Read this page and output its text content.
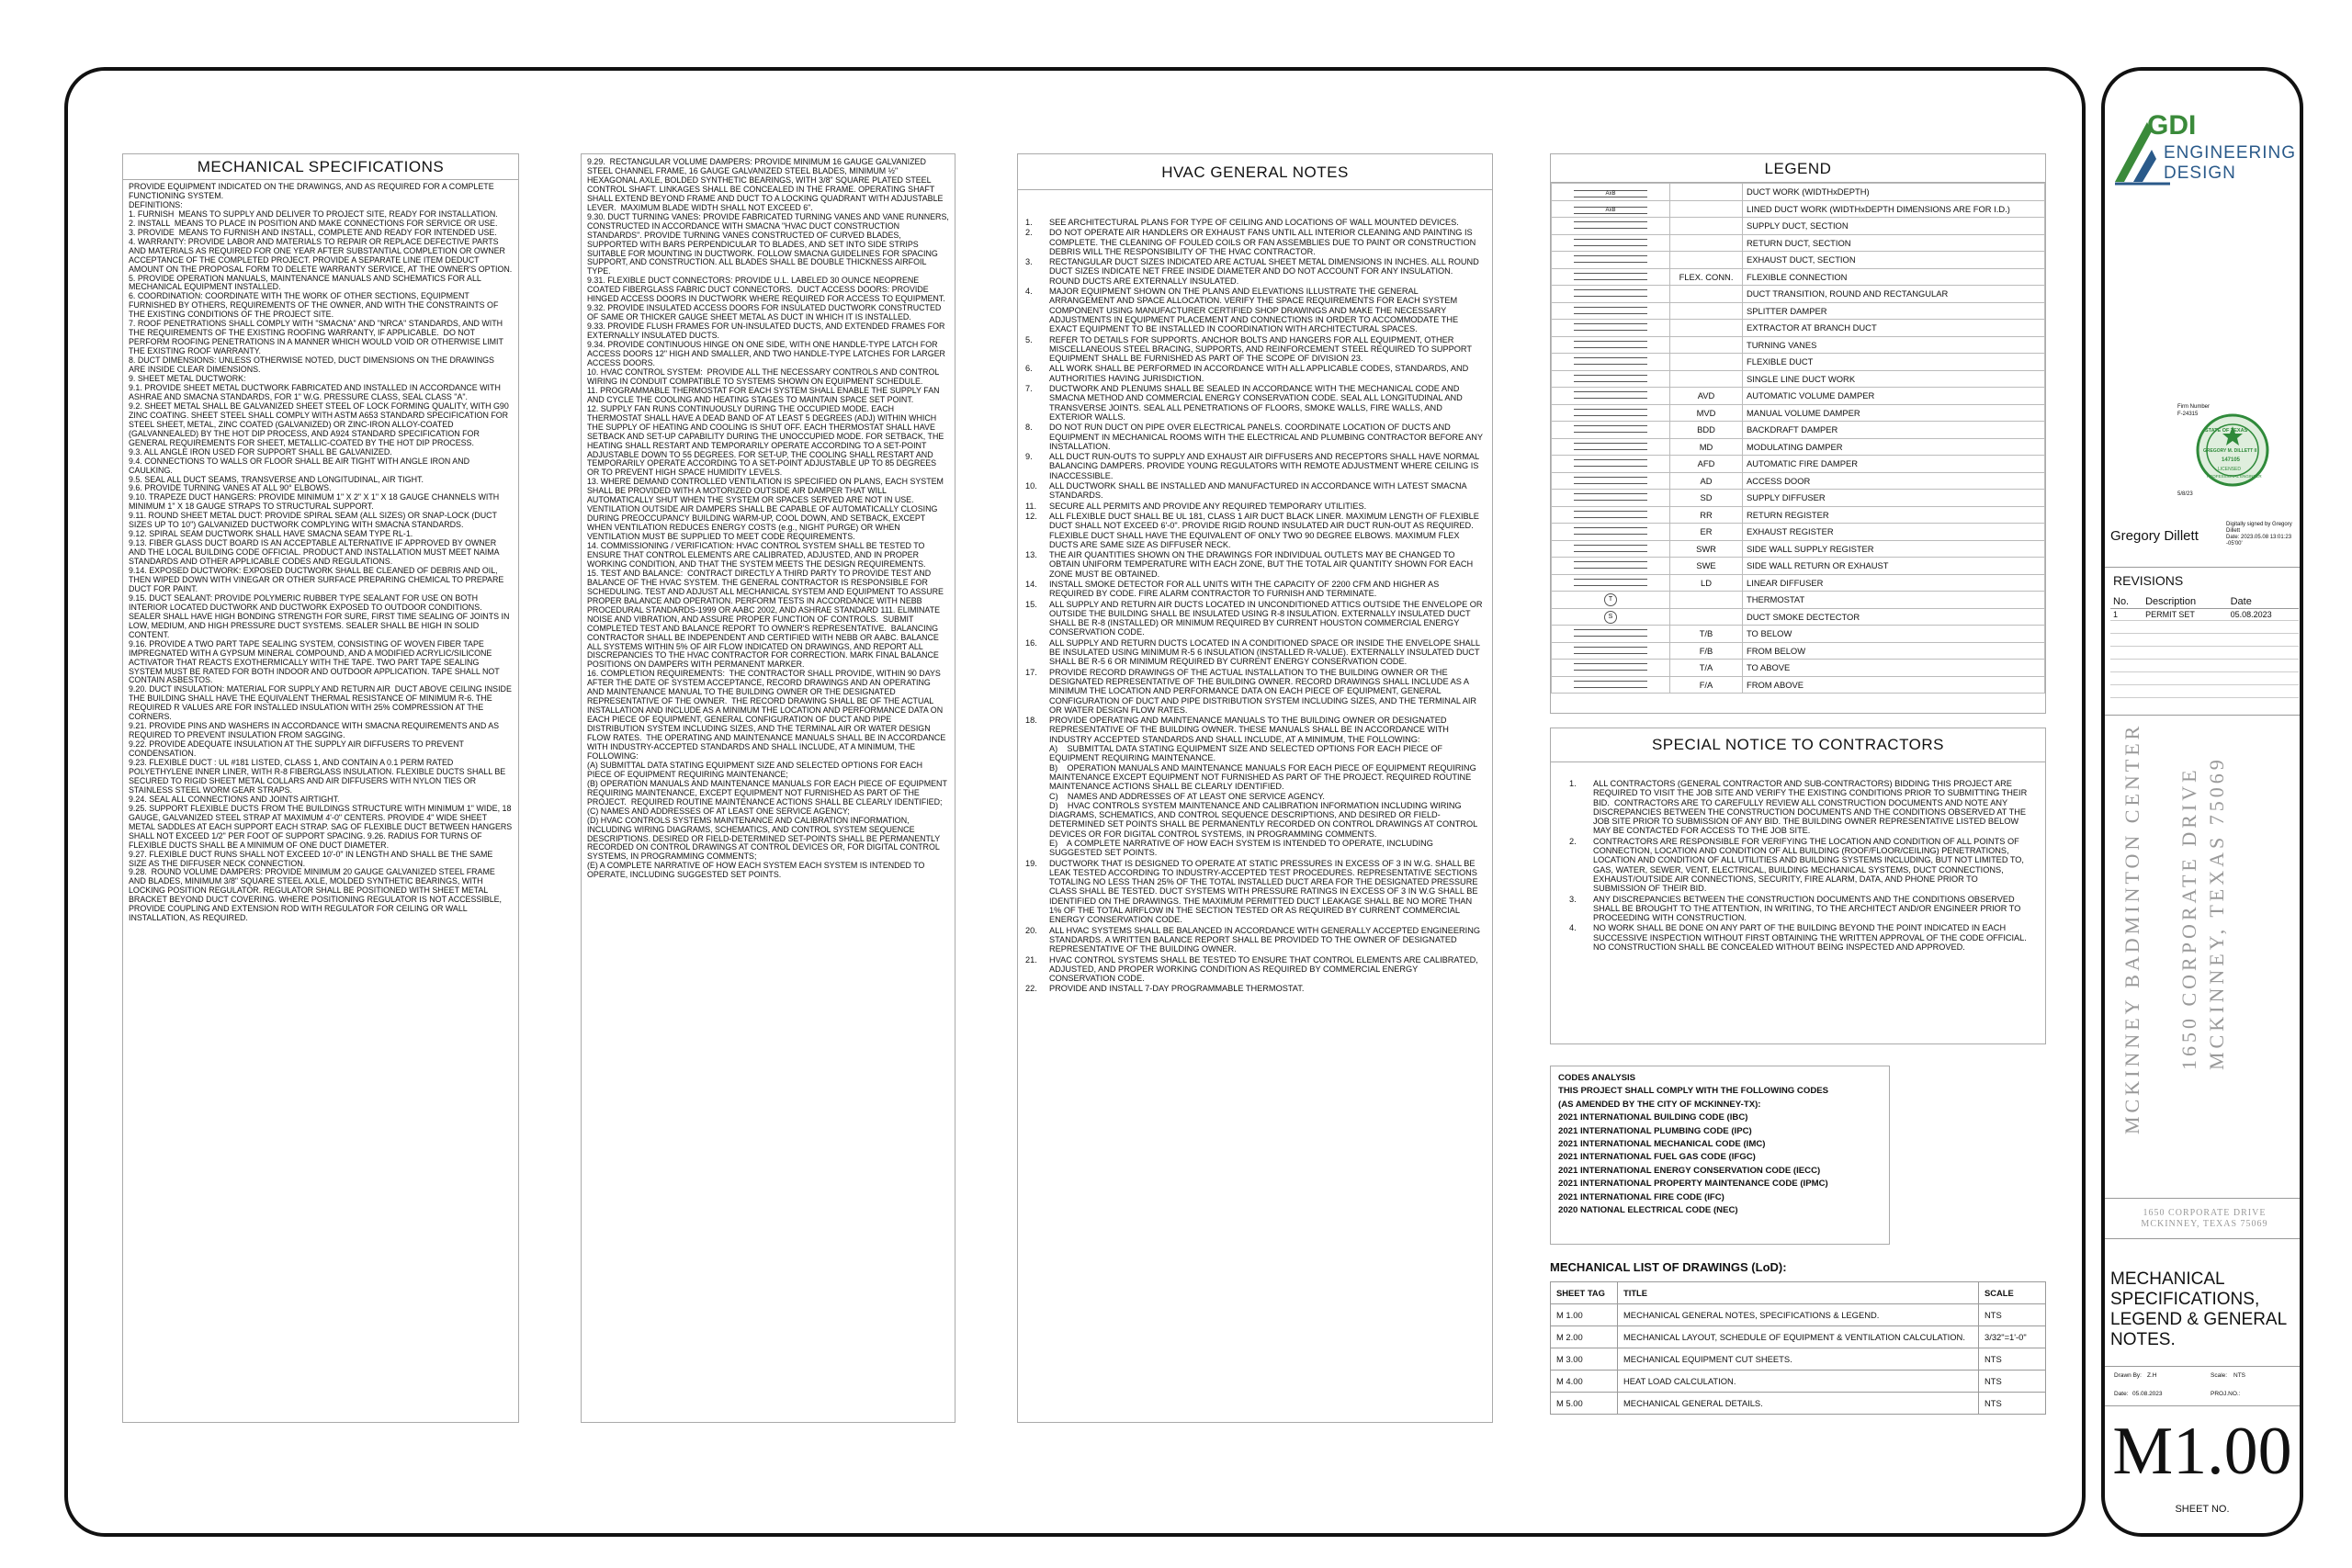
MECHANICAL SPECIFICATIONS
PROVIDE EQUIPMENT INDICATED ON THE DRAWINGS, AND AS REQUIRED FOR A COMPLETE FUNCTIONING SYSTEM.
DEFINITIONS:
1. FURNISH  MEANS TO SUPPLY AND DELIVER TO PROJECT SITE, READY FOR INSTALLATION.
2. INSTALL  MEANS TO PLACE IN POSITION AND MAKE CONNECTIONS FOR SERVICE OR USE.
3. PROVIDE  MEANS TO FURNISH AND INSTALL, COMPLETE AND READY FOR INTENDED USE.
4. WARRANTY: PROVIDE LABOR AND MATERIALS TO REPAIR OR REPLACE DEFECTIVE PARTS AND MATERIALS AS REQUIRED FOR ONE YEAR AFTER SUBSTANTIAL COMPLETION OR OWNER ACCEPTANCE OF THE COMPLETED PROJECT. PROVIDE A SEPARATE LINE ITEM DEDUCT AMOUNT ON THE PROPOSAL FORM TO DELETE WARRANTY SERVICE, AT THE OWNER'S OPTION.
5. PROVIDE OPERATION MANUALS, MAINTENANCE MANUALS AND SCHEMATICS FOR ALL MECHANICAL EQUIPMENT INSTALLED.
6. COORDINATION: COORDINATE WITH THE WORK OF OTHER SECTIONS, EQUIPMENT FURNISHED BY OTHERS, REQUIREMENTS OF THE OWNER, AND WITH THE CONSTRAINTS OF THE EXISTING CONDITIONS OF THE PROJECT SITE.
7. ROOF PENETRATIONS SHALL COMPLY WITH "SMACNA" AND "NRCA" STANDARDS, AND WITH THE REQUIREMENTS OF THE EXISTING ROOFING WARRANTY, IF APPLICABLE.  DO NOT PERFORM ROOFING PENETRATIONS IN A MANNER WHICH WOULD VOID OR OTHERWISE LIMIT THE EXISTING ROOF WARRANTY.
8. DUCT DIMENSIONS: UNLESS OTHERWISE NOTED, DUCT DIMENSIONS ON THE DRAWINGS ARE INSIDE CLEAR DIMENSIONS.
9. SHEET METAL DUCTWORK:
9.1. PROVIDE SHEET METAL DUCTWORK FABRICATED AND INSTALLED IN ACCORDANCE WITH ASHRAE AND SMACNA STANDARDS, FOR 1" W.G. PRESSURE CLASS, SEAL CLASS "A".
9.2. SHEET METAL SHALL BE GALVANIZED SHEET STEEL OF LOCK FORMING QUALITY, WITH G90 ZINC COATING. SHEET STEEL SHALL COMPLY WITH ASTM A653 STANDARD SPECIFICATION FOR STEEL SHEET, METAL, ZINC COATED (GALVANIZED) OR ZINC-IRON ALLOY-COATED (GALVANNEALED) BY THE HOT DIP PROCESS, AND A924 STANDARD SPECIFICATION FOR GENERAL REQUIREMENTS FOR SHEET, METALLIC-COATED BY THE HOT DIP PROCESS.
9.3. ALL ANGLE IRON USED FOR SUPPORT SHALL BE GALVANIZED.
9.4. CONNECTIONS TO WALLS OR FLOOR SHALL BE AIR TIGHT WITH ANGLE IRON AND CAULKING.
9.5. SEAL ALL DUCT SEAMS, TRANSVERSE AND LONGITUDINAL, AIR TIGHT.
9.6. PROVIDE TURNING VANES AT ALL 90° ELBOWS.
9.10. TRAPEZE DUCT HANGERS: PROVIDE MINIMUM 1" X 2" X 1" X 18 GAUGE CHANNELS WITH MINIMUM 1" X 18 GAUGE STRAPS TO STRUCTURAL SUPPORT.
9.11. ROUND SHEET METAL DUCT: PROVIDE SPIRAL SEAM (ALL SIZES) OR SNAP-LOCK (DUCT SIZES UP TO 10") GALVANIZED DUCTWORK COMPLYING WITH SMACNA STANDARDS.
9.12. SPIRAL SEAM DUCTWORK SHALL HAVE SMACNA SEAM TYPE RL-1.
9.13. FIBER GLASS DUCT BOARD IS AN ACCEPTABLE ALTERNATIVE IF APPROVED BY OWNER AND THE LOCAL BUILDING CODE OFFICIAL. PRODUCT AND INSTALLATION MUST MEET NAIMA STANDARDS AND OTHER APPLICABLE CODES AND REGULATIONS.
9.14. EXPOSED DUCTWORK: EXPOSED DUCTWORK SHALL BE CLEANED OF DEBRIS AND OIL, THEN WIPED DOWN WITH VINEGAR OR OTHER SURFACE PREPARING CHEMICAL TO PREPARE DUCT FOR PAINT.
9.15. DUCT SEALANT: PROVIDE POLYMERIC RUBBER TYPE SEALANT FOR USE ON BOTH INTERIOR LOCATED DUCTWORK AND DUCTWORK EXPOSED TO OUTDOOR CONDITIONS.  SEALER SHALL HAVE HIGH BONDING STRENGTH FOR SURE, FIRST TIME SEALING OF JOINTS IN LOW, MEDIUM, AND HIGH PRESSURE DUCT SYSTEMS. SEALER SHALL BE HIGH IN SOLID CONTENT.
9.16. PROVIDE A TWO PART TAPE SEALING SYSTEM, CONSISTING OF WOVEN FIBER TAPE IMPREGNATED WITH A GYPSUM MINERAL COMPOUND, AND A MODIFIED ACRYLIC/SILICONE ACTIVATOR THAT REACTS EXOTHERMICALLY WITH THE TAPE. TWO PART TAPE SEALING SYSTEM MUST BE RATED FOR BOTH INDOOR AND OUTDOOR APPLICATION. TAPE SHALL NOT CONTAIN ASBESTOS.
9.20. DUCT INSULATION: MATERIAL FOR SUPPLY AND RETURN AIR  DUCT ABOVE CEILING INSIDE THE BUILDING SHALL HAVE THE EQUIVALENT THERMAL RESISTANCE OF MINIMUM R-6. THE REQUIRED R VALUES ARE FOR INSTALLED INSULATION WITH 25% COMPRESSION AT THE CORNERS.
9.21. PROVIDE PINS AND WASHERS IN ACCORDANCE WITH SMACNA REQUIREMENTS AND AS REQUIRED TO PREVENT INSULATION FROM SAGGING.
9.22. PROVIDE ADEQUATE INSULATION AT THE SUPPLY AIR DIFFUSERS TO PREVENT CONDENSATION.
9.23. FLEXIBLE DUCT : UL #181 LISTED, CLASS 1, AND CONTAIN A 0.1 PERM RATED POLYETHYLENE INNER LINER, WITH R-8 FIBERGLASS INSULATION. FLEXIBLE DUCTS SHALL BE SECURED TO RIGID SHEET METAL COLLARS AND AIR DIFFUSERS WITH NYLON TIES OR STAINLESS STEEL WORM GEAR STRAPS.
9.24. SEAL ALL CONNECTIONS AND JOINTS AIRTIGHT.
9.25. SUPPORT FLEXIBLE DUCTS FROM THE BUILDINGS STRUCTURE WITH MINIMUM 1" WIDE, 18 GAUGE, GALVANIZED STEEL STRAP AT MAXIMUM 4'-0" CENTERS. PROVIDE 4" WIDE SHEET METAL SADDLES AT EACH SUPPORT EACH STRAP. SAG OF FLEXIBLE DUCT BETWEEN HANGERS SHALL NOT EXCEED 1/2" PER FOOT OF SUPPORT SPACING. 9.26. RADIUS FOR TURNS OF FLEXIBLE DUCTS SHALL BE A MINIMUM OF ONE DUCT DIAMETER.
9.27. FLEXIBLE DUCT RUNS SHALL NOT EXCEED 10'-0" IN LENGTH AND SHALL BE THE SAME SIZE AS THE DIFFUSER NECK CONNECTION.
9.28.  ROUND VOLUME DAMPERS: PROVIDE MINIMUM 20 GAUGE GALVANIZED STEEL FRAME AND BLADES, MINIMUM 3/8" SQUARE STEEL AXLE, MOLDED SYNTHETIC BEARINGS, WITH LOCKING POSITION REGULATOR. REGULATOR SHALL BE POSITIONED WITH SHEET METAL BRACKET BEYOND DUCT COVERING. WHERE POSITIONING REGULATOR IS NOT ACCESSIBLE, PROVIDE COUPLING AND EXTENSION ROD WITH REGULATOR FOR CEILING OR WALL INSTALLATION, AS REQUIRED.
9.29.  RECTANGULAR VOLUME DAMPERS: PROVIDE MINIMUM 16 GAUGE GALVANIZED STEEL CHANNEL FRAME, 16 GAUGE GALVANIZED STEEL BLADES, MINIMUM ½" HEXAGONAL AXLE, BOLDED SYNTHETIC BEARINGS, WITH 3/8" SQUARE PLATED STEEL CONTROL SHAFT. LINKAGES SHALL BE CONCEALED IN THE FRAME. OPERATING SHAFT SHALL EXTEND BEYOND FRAME AND DUCT TO A LOCKING QUADRANT WITH ADJUSTABLE LEVER.  MAXIMUM BLADE WIDTH SHALL NOT EXCEED 6".
9.30. DUCT TURNING VANES: PROVIDE FABRICATED TURNING VANES AND VANE RUNNERS, CONSTRUCTED IN ACCORDANCE WITH SMACNA "HVAC DUCT CONSTRUCTION STANDARDS". PROVIDE TURNING VANES CONSTRUCTED OF CURVED BLADES, SUPPORTED WITH BARS PERPENDICULAR TO BLADES, AND SET INTO SIDE STRIPS SUITABLE FOR MOUNTING IN DUCTWORK. FOLLOW SMACNA GUIDELINES FOR SPACING SUPPORT, AND CONSTRUCTION. ALL BLADES SHALL BE DOUBLE THICKNESS AIRFOIL TYPE.
9.31. FLEXIBLE DUCT CONNECTORS: PROVIDE U.L. LABELED 30 OUNCE NEOPRENE COATED FIBERGLASS FABRIC DUCT CONNECTORS.  DUCT ACCESS DOORS: PROVIDE HINGED ACCESS DOORS IN DUCTWORK WHERE REQUIRED FOR ACCESS TO EQUIPMENT.
9.32. PROVIDE INSULATED ACCESS DOORS FOR INSULATED DUCTWORK CONSTRUCTED OF SAME OR THICKER GAUGE SHEET METAL AS DUCT IN WHICH IT IS INSTALLED.
9.33. PROVIDE FLUSH FRAMES FOR UN-INSULATED DUCTS, AND EXTENDED FRAMES FOR EXTERNALLY INSULATED DUCTS.
9.34. PROVIDE CONTINUOUS HINGE ON ONE SIDE, WITH ONE HANDLE-TYPE LATCH FOR ACCESS DOORS 12" HIGH AND SMALLER, AND TWO HANDLE-TYPE LATCHES FOR LARGER ACCESS DOORS.
10. HVAC CONTROL SYSTEM:  PROVIDE ALL THE NECESSARY CONTROLS AND CONTROL WIRING IN CONDUIT COMPATIBLE TO SYSTEMS SHOWN ON EQUIPMENT SCHEDULE.
11. PROGRAMMABLE THERMOSTAT FOR EACH SYSTEM SHALL ENABLE THE SUPPLY FAN AND CYCLE THE COOLING AND HEATING STAGES TO MAINTAIN SPACE SET POINT.
12. SUPPLY FAN RUNS CONTINUOUSLY DURING THE OCCUPIED MODE. EACH THERMOSTAT SHALL HAVE A DEAD BAND OF AT LEAST 5 DEGREES (ADJ) WITHIN WHICH THE SUPPLY OF HEATING AND COOLING IS SHUT OFF. EACH THERMOSTAT SHALL HAVE SETBACK AND SET-UP CAPABILITY DURING THE UNOCCUPIED MODE. FOR SETBACK, THE HEATING SHALL RESTART AND TEMPORARILY OPERATE ACCORDING TO A SET-POINT ADJUSTABLE DOWN TO 55 DEGREES. FOR SET-UP, THE COOLING SHALL RESTART AND TEMPORARILY OPERATE ACCORDING TO A SET-POINT ADJUSTABLE UP TO 85 DEGREES OR TO PREVENT HIGH SPACE HUMIDITY LEVELS.
13. WHERE DEMAND CONTROLLED VENTILATION IS SPECIFIED ON PLANS, EACH SYSTEM SHALL BE PROVIDED WITH A MOTORIZED OUTSIDE AIR DAMPER THAT WILL AUTOMATICALLY SHUT WHEN THE SYSTEM OR SPACES SERVED ARE NOT IN USE.  VENTILATION OUTSIDE AIR DAMPERS SHALL BE CAPABLE OF AUTOMATICALLY CLOSING DURING PREOCCUPANCY BUILDING WARM-UP, COOL DOWN, AND SETBACK, EXCEPT WHEN VENTILATION REDUCES ENERGY COSTS (e.g., NIGHT PURGE) OR WHEN VENTILATION MUST BE SUPPLIED TO MEET CODE REQUIREMENTS.
14. COMMISSIONING / VERIFICATION: HVAC CONTROL SYSTEM SHALL BE TESTED TO ENSURE THAT CONTROL ELEMENTS ARE CALIBRATED, ADJUSTED, AND IN PROPER WORKING CONDITION, AND THAT THE SYSTEM MEETS THE DESIGN REQUIREMENTS.
15. TEST AND BALANCE:  CONTRACT DIRECTLY A THIRD PARTY TO PROVIDE TEST AND BALANCE OF THE HVAC SYSTEM. THE GENERAL CONTRACTOR IS RESPONSIBLE FOR SCHEDULING. TEST AND ADJUST ALL MECHANICAL SYSTEM AND EQUIPMENT TO ASSURE PROPER BALANCE AND OPERATION. PERFORM TESTS IN ACCORDANCE WITH NEBB PROCEDURAL STANDARDS-1999 OR AABC 2002, AND ASHRAE STANDARD 111. ELIMINATE NOISE AND VIBRATION, AND ASSURE PROPER FUNCTION OF CONTROLS.  SUBMIT COMPLETED TEST AND BALANCE REPORT TO OWNER'S REPRESENTATIVE.  BALANCING CONTRACTOR SHALL BE INDEPENDENT AND CERTIFIED WITH NEBB OR AABC. BALANCE ALL SYSTEMS WITHIN 5% OF AIR FLOW INDICATED ON DRAWINGS, AND REPORT ALL DISCREPANCIES TO THE HVAC CONTRACTOR FOR CORRECTION. MARK FINAL BALANCE POSITIONS ON DAMPERS WITH PERMANENT MARKER.
16. COMPLETION REQUIREMENTS:  THE CONTRACTOR SHALL PROVIDE, WITHIN 90 DAYS AFTER THE DATE OF SYSTEM ACCEPTANCE, RECORD DRAWINGS AND AN OPERATING AND MAINTENANCE MANUAL TO THE BUILDING OWNER OR THE DESIGNATED REPRESENTATIVE OF THE OWNER.  THE RECORD DRAWING SHALL BE OF THE ACTUAL INSTALLATION AND INCLUDE AS A MINIMUM THE LOCATION AND PERFORMANCE DATA ON EACH PIECE OF EQUIPMENT, GENERAL CONFIGURATION OF DUCT AND PIPE DISTRIBUTION SYSTEM INCLUDING SIZES, AND THE TERMINAL AIR OR WATER DESIGN FLOW RATES.  THE OPERATING AND MAINTENANCE MANUALS SHALL BE IN ACCORDANCE WITH INDUSTRY-ACCEPTED STANDARDS AND SHALL INCLUDE, AT A MINIMUM, THE FOLLOWING:
(A) SUBMITTAL DATA STATING EQUIPMENT SIZE AND SELECTED OPTIONS FOR EACH PIECE OF EQUIPMENT REQUIRING MAINTENANCE;
(B) OPERATION MANUALS AND MAINTENANCE MANUALS FOR EACH PIECE OF EQUIPMENT REQUIRING MAINTENANCE, EXCEPT EQUIPMENT NOT FURNISHED AS PART OF THE PROJECT.  REQUIRED ROUTINE MAINTENANCE ACTIONS SHALL BE CLEARLY IDENTIFIED;
(C) NAMES AND ADDRESSES OF AT LEAST ONE SERVICE AGENCY;
(D) HVAC CONTROLS SYSTEMS MAINTENANCE AND CALIBRATION INFORMATION, INCLUDING WIRING DIAGRAMS, SCHEMATICS, AND CONTROL SYSTEM SEQUENCE DESCRIPTIONS. DESIRED OR FIELD-DETERMINED SET-POINTS SHALL BE PERMANENTLY RECORDED ON CONTROL DRAWINGS AT CONTROL DEVICES OR, FOR DIGITAL CONTROL SYSTEMS, IN PROGRAMMING COMMENTS;
(E) A COMPLETE NARRATIVE OF HOW EACH SYSTEM EACH SYSTEM IS INTENDED TO OPERATE, INCLUDING SUGGESTED SET POINTS.
HVAC GENERAL NOTES
1.	SEE ARCHITECTURAL PLANS FOR TYPE OF CEILING AND LOCATIONS OF WALL MOUNTED DEVICES.
2.	DO NOT OPERATE AIR HANDLERS OR EXHAUST FANS UNTIL ALL INTERIOR CLEANING AND PAINTING IS COMPLETE. THE CLEANING OF FOULED COILS OR FAN ASSEMBLIES DUE TO PAINT OR CONSTRUCTION DEBRIS WILL THE RESPONSIBILITY OF THE HVAC CONTRACTOR.
3.	RECTANGULAR DUCT SIZES INDICATED ARE ACTUAL SHEET METAL DIMENSIONS IN INCHES. ALL ROUND DUCT SIZES INDICATE NET FREE INSIDE DIAMETER AND DO NOT ACCOUNT FOR ANY INSULATION. ROUND DUCTS ARE EXTERNALLY INSULATED.
4.	MAJOR EQUIPMENT SHOWN ON THE PLANS AND ELEVATIONS ILLUSTRATE THE GENERAL ARRANGEMENT AND SPACE ALLOCATION. VERIFY THE SPACE REQUIREMENTS FOR EACH SYSTEM COMPONENT USING MANUFACTURER CERTIFIED SHOP DRAWINGS AND MAKE THE NECESSARY ADJUSTMENTS IN EQUIPMENT PLACEMENT AND CONNECTIONS IN ORDER TO ACCOMMODATE THE EXACT EQUIPMENT TO BE INSTALLED IN COORDINATION WITH ARCHITECTURAL SPACES.
5.	REFER TO DETAILS FOR SUPPORTS. ANCHOR BOLTS AND HANGERS FOR ALL EQUIPMENT, OTHER MISCELLANEOUS STEEL BRACING, SUPPORTS, AND REINFORCEMENT STEEL REQUIRED TO SUPPORT EQUIPMENT SHALL BE FURNISHED AS PART OF THE SCOPE OF DIVISION 23.
6.	ALL WORK SHALL BE PERFORMED IN ACCORDANCE WITH ALL APPLICABLE CODES, STANDARDS, AND AUTHORITIES HAVING JURISDICTION.
7.	DUCTWORK AND PLENUMS SHALL BE SEALED IN ACCORDANCE WITH THE MECHANICAL CODE AND SMACNA METHOD AND COMMERCIAL ENERGY CONSERVATION CODE. SEAL ALL LONGITUDINAL AND TRANSVERSE JOINTS. SEAL ALL PENETRATIONS OF FLOORS, SMOKE WALLS, FIRE WALLS, AND EXTERIOR WALLS.
8.	DO NOT RUN DUCT ON PIPE OVER ELECTRICAL PANELS. COORDINATE LOCATION OF DUCTS AND EQUIPMENT IN MECHANICAL ROOMS WITH THE ELECTRICAL AND PLUMBING CONTRACTOR BEFORE ANY INSTALLATION.
9.	ALL DUCT RUN-OUTS TO SUPPLY AND EXHAUST AIR DIFFUSERS AND RECEPTORS SHALL HAVE NORMAL BALANCING DAMPERS. PROVIDE YOUNG REGULATORS WITH REMOTE ADJUSTMENT WHERE CEILING IS INACCESSIBLE.
10.	ALL DUCTWORK SHALL BE INSTALLED AND MANUFACTURED IN ACCORDANCE WITH LATEST SMACNA STANDARDS.
11.	SECURE ALL PERMITS AND PROVIDE ANY REQUIRED TEMPORARY UTILITIES.
12.	ALL FLEXIBLE DUCT SHALL BE UL 181, CLASS 1 AIR DUCT BLACK LINER. MAXIMUM LENGTH OF FLEXIBLE DUCT SHALL NOT EXCEED 6'-0". PROVIDE RIGID ROUND INSULATED AIR DUCT RUN-OUT AS REQUIRED. FLEXIBLE DUCT SHALL HAVE THE EQUIVALENT OF ONLY TWO 90 DEGREE ELBOWS. MAXIMUM FLEX DUCTS ARE SAME SIZE AS DIFFUSER NECK.
13.	THE AIR QUANTITIES SHOWN ON THE DRAWINGS FOR INDIVIDUAL OUTLETS MAY BE CHANGED TO OBTAIN UNIFORM TEMPERATURE WITH EACH ZONE, BUT THE TOTAL AIR QUANTITY SHOWN FOR EACH ZONE MUST BE OBTAINED.
14.	INSTALL SMOKE DETECTOR FOR ALL UNITS WITH THE CAPACITY OF 2200 CFM AND HIGHER AS REQUIRED BY CODE. FIRE ALARM CONTRACTOR TO FURNISH AND TERMINATE.
15.	ALL SUPPLY AND RETURN AIR DUCTS LOCATED IN UNCONDITIONED ATTICS OUTSIDE THE ENVELOPE OR OUTSIDE THE BUILDING SHALL BE INSULATED USING R-8 INSULATION. EXTERNALLY INSULATED DUCT SHALL BE R-8 (INSTALLED) OR MINIMUM REQUIRED BY CURRENT HOUSTON COMMERCIAL ENERGY CONSERVATION CODE.
16.	ALL SUPPLY AND RETURN DUCTS LOCATED IN A CONDITIONED SPACE OR INSIDE THE ENVELOPE SHALL BE INSULATED USING MINIMUM R-5 6 INSULATION (INSTALLED R-VALUE). EXTERNALLY INSULATED DUCT SHALL BE R-5 6 OR MINIMUM REQUIRED BY CURRENT ENERGY CONSERVATION CODE.
17.	PROVIDE RECORD DRAWINGS OF THE ACTUAL INSTALLATION TO THE BUILDING OWNER OR THE DESIGNATED REPRESENTATIVE OF THE BUILDING OWNER. RECORD DRAWINGS SHALL INCLUDE AS A MINIMUM THE LOCATION AND PERFORMANCE DATA ON EACH PIECE OF EQUIPMENT, GENERAL CONFIGURATION OF DUCT AND PIPE DISTRIBUTION SYSTEM INCLUDING SIZES, AND THE TERMINAL AIR OR WATER DESIGN FLOW RATES.
18.	PROVIDE OPERATING AND MAINTENANCE MANUALS TO THE BUILDING OWNER OR DESIGNATED REPRESENTATIVE OF THE BUILDING OWNER. THESE MANUALS SHALL BE IN ACCORDANCE WITH INDUSTRY ACCEPTED STANDARDS AND SHALL INCLUDE, AT A MINIMUM, THE FOLLOWING:
A)    SUBMITTAL DATA STATING EQUIPMENT SIZE AND SELECTED OPTIONS FOR EACH PIECE OF EQUIPMENT REQUIRING MAINTENANCE.
B)    OPERATION MANUALS AND MAINTENANCE MANUALS FOR EACH PIECE OF EQUIPMENT REQUIRING MAINTENANCE EXCEPT EQUIPMENT NOT FURNISHED AS PART OF THE PROJECT. REQUIRED ROUTINE MAINTENANCE ACTIONS SHALL BE CLEARLY IDENTIFIED.
C)    NAMES AND ADDRESSES OF AT LEAST ONE SERVICE AGENCY.
D)    HVAC CONTROLS SYSTEM MAINTENANCE AND CALIBRATION INFORMATION INCLUDING WIRING DIAGRAMS, SCHEMATICS, AND CONTROL SEQUENCE DESCRIPTIONS, AND DESIRED OR FIELD-DETERMINED SET POINTS SHALL BE PERMANENTLY RECORDED ON CONTROL DRAWINGS AT CONTROL DEVICES OR FOR DIGITAL CONTROL SYSTEMS, IN PROGRAMMING COMMENTS.
E)    A COMPLETE NARRATIVE OF HOW EACH SYSTEM IS INTENDED TO OPERATE, INCLUDING SUGGESTED SET POINTS.
19.	DUCTWORK THAT IS DESIGNED TO OPERATE AT STATIC PRESSURES IN EXCESS OF 3 IN W.G. SHALL BE LEAK TESTED ACCORDING TO INDUSTRY-ACCEPTED TEST PROCEDURES. REPRESENTATIVE SECTIONS TOTALING NO LESS THAN 25% OF THE TOTAL INSTALLED DUCT AREA FOR THE DESIGNATED PRESSURE CLASS SHALL BE TESTED. DUCT SYSTEMS WITH PRESSURE RATINGS IN EXCESS OF 3 IN W.G SHALL BE IDENTIFIED ON THE DRAWINGS. THE MAXIMUM PERMITTED DUCT LEAKAGE SHALL BE NO MORE THAN 1% OF THE TOTAL AIRFLOW IN THE SECTION TESTED OR AS REQUIRED BY CURRENT COMMERCIAL ENERGY CONSERVATION CODE.
20.	ALL HVAC SYSTEMS SHALL BE BALANCED IN ACCORDANCE WITH GENERALLY ACCEPTED ENGINEERING STANDARDS. A WRITTEN BALANCE REPORT SHALL BE PROVIDED TO THE OWNER OF DESIGNATED REPRESENTATIVE OF THE BUILDING OWNER.
21.	HVAC CONTROL SYSTEMS SHALL BE TESTED TO ENSURE THAT CONTROL ELEMENTS ARE CALIBRATED, ADJUSTED, AND PROPER WORKING CONDITION AS REQUIRED BY COMMERCIAL ENERGY CONSERVATION CODE.
22.	PROVIDE AND INSTALL 7-DAY PROGRAMMABLE THERMOSTAT.
LEGEND
AxB		DUCT WORK (WIDTHxDEPTH)
AxB		LINED DUCT WORK (WIDTHxDEPTH DIMENSIONS ARE FOR I.D.)
		SUPPLY DUCT, SECTION
		RETURN DUCT, SECTION
		EXHAUST DUCT, SECTION
	FLEX. CONN.	FLEXIBLE CONNECTION
		DUCT TRANSITION, ROUND AND RECTANGULAR
		SPLITTER DAMPER
		EXTRACTOR AT BRANCH DUCT
		TURNING VANES
		FLEXIBLE DUCT
		SINGLE LINE DUCT WORK
	AVD	AUTOMATIC VOLUME DAMPER
	MVD	MANUAL VOLUME DAMPER
	BDD	BACKDRAFT DAMPER
	MD	MODULATING DAMPER
	AFD	AUTOMATIC FIRE DAMPER
	AD	ACCESS DOOR
	SD	SUPPLY DIFFUSER
	RR	RETURN REGISTER
	ER	EXHAUST REGISTER
	SWR	SIDE WALL SUPPLY REGISTER
	SWE	SIDE WALL RETURN OR EXHAUST
	LD	LINEAR DIFFUSER
T		THERMOSTAT
S		DUCT SMOKE DECTECTOR
	T/B	TO BELOW
	F/B	FROM BELOW
	T/A	TO ABOVE
	F/A	FROM ABOVE
SPECIAL NOTICE TO CONTRACTORS
1.	ALL CONTRACTORS (GENERAL CONTRACTOR AND SUB-CONTRACTORS) BIDDING THIS PROJECT ARE REQUIRED TO VISIT THE JOB SITE AND VERIFY THE EXISTING CONDITIONS PRIOR TO SUBMITTING THEIR BID.  CONTRACTORS ARE TO CAREFULLY REVIEW ALL CONSTRUCTION DOCUMENTS AND NOTE ANY DISCREPANCIES BETWEEN THE CONSTRUCTION DOCUMENTS AND THE CONDITIONS OBSERVED AT THE JOB SITE PRIOR TO SUBMISSION OF ANY BID. THE BUILDING OWNER REPRESENTATIVE LISTED BELOW MAY BE CONTACTED FOR ACCESS TO THE JOB SITE.
2.	CONTRACTORS ARE RESPONSIBLE FOR VERIFYING THE LOCATION AND CONDITION OF ALL POINTS OF CONNECTION, LOCATION AND CONDITION OF ALL BUILDING (ROOF/FLOOR/CEILING) PENETRATIONS, LOCATION AND CONDITION OF ALL UTILITIES AND BUILDING SYSTEMS INCLUDING, BUT NOT LIMITED TO, GAS, WATER, SEWER, VENT, ELECTRICAL, BUILDING MECHANICAL SYSTEMS, DUCT CONNECTIONS, EXHAUST/OUTSIDE AIR CONNECTIONS, SECURITY, FIRE ALARM, DATA, AND PHONE PRIOR TO SUBMISSION OF THEIR BID.
3.	ANY DISCREPANCIES BETWEEN THE CONSTRUCTION DOCUMENTS AND THE CONDITIONS OBSERVED SHALL BE BROUGHT TO THE ATTENTION, IN WRITING, TO THE ARCHITECT AND/OR ENGINEER PRIOR TO PROCEEDING WITH CONSTRUCTION.
4.	NO WORK SHALL BE DONE ON ANY PART OF THE BUILDING BEYOND THE POINT INDICATED IN EACH SUCCESSIVE INSPECTION WITHOUT FIRST OBTAINING THE WRITTEN APPROVAL OF THE CODE OFFICIAL.  NO CONSTRUCTION SHALL BE CONCEALED WITHOUT BEING INSPECTED AND APPROVED.
CODES ANALYSIS
THIS PROJECT SHALL COMPLY WITH THE FOLLOWING CODES
(AS AMENDED BY THE CITY OF MCKINNEY-TX):
2021 INTERNATIONAL BUILDING CODE (IBC)
2021 INTERNATIONAL PLUMBING CODE (IPC)
2021 INTERNATIONAL MECHANICAL CODE (IMC)
2021 INTERNATIONAL FUEL GAS CODE (IFGC)
2021 INTERNATIONAL ENERGY CONSERVATION CODE (IECC)
2021 INTERNATIONAL PROPERTY MAINTENANCE CODE (IPMC)
2021 INTERNATIONAL FIRE CODE (IFC)
2020 NATIONAL ELECTRICAL CODE (NEC)
MECHANICAL LIST OF DRAWINGS (LoD):
SHEET TAG	TITLE	SCALE
M 1.00	MECHANICAL GENERAL NOTES, SPECIFICATIONS & LEGEND.	NTS
M 2.00	MECHANICAL LAYOUT, SCHEDULE OF EQUIPMENT & VENTILATION CALCULATION.	3/32"=1'-0"
M 3.00	MECHANICAL EQUIPMENT CUT SHEETS.	NTS
M 4.00	HEAT LOAD CALCULATION.	NTS
M 5.00	MECHANICAL GENERAL DETAILS.	NTS
GDI
ENGINEERING
DESIGN
Firm Number
F-24315
STATE OF TEXAS
GREGORY M. DILLETT II
147105
LICENSED
PROFESSIONAL ENGINEER
5/8/23
Gregory Dillett
Digitally signed by Gregory Dillett
Date: 2023.05.08 13:01:23 -05'00'
REVISIONS
No.	Description	Date
1	PERMIT SET	05.08.2023

MCKINNEY BADMINTON CENTER 1650 CORPORATE DRIVE MCKINNEY, TEXAS 75069
1650 CORPORATE DRIVE
MCKINNEY, TEXAS 75069
MECHANICAL SPECIFICATIONS, LEGEND & GENERAL NOTES.
Drawn By: Z.H	Scale: NTS
Date: 05.08.2023	PROJ.NO.:
M1.00
SHEET NO.
